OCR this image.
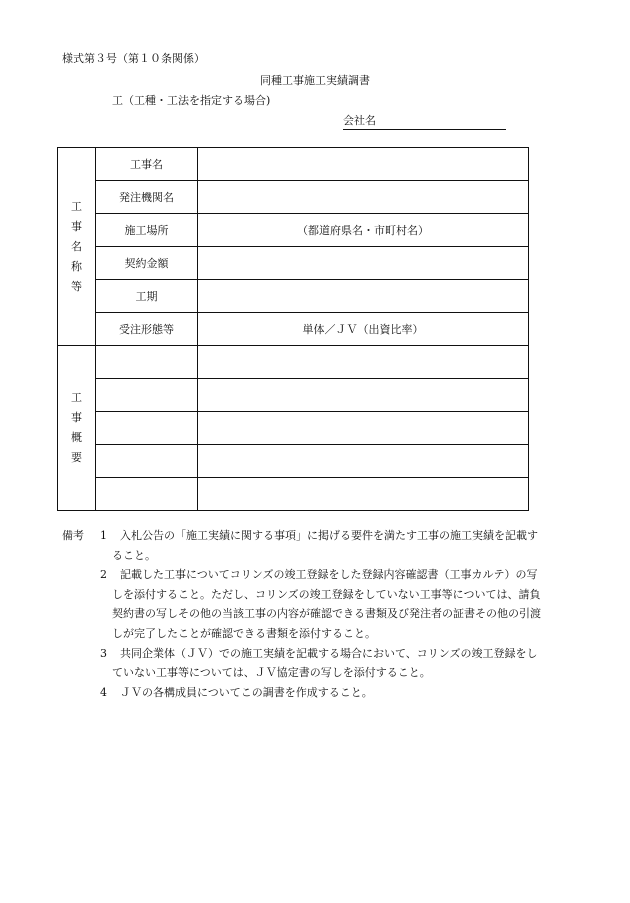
様式第３号（第１０条関係）
同種工事施工実績調書
工（工種・工法を指定する場合)
会社名
工
事
名
称
等	工事名	
	発注機関名	
	施工場所	（都道府県名・市町村名）
	契約金額	
	工期	
	受注形態等	単体／ＪＶ（出資比率）

工
事
概
要		

備考 1 入札公告の「施工実績に関する事項」に掲げる要件を満たす工事の施工実績を記載す

ること。
2 記載した工事についてコリンズの竣工登録をした登録内容確認書（工事カルテ）の写

しを添付すること。ただし、コリンズの竣工登録をしていない工事等については、請負
契約書の写しその他の当該工事の内容が確認できる書類及び発注者の証書その他の引渡
しが完了したことが確認できる書類を添付すること。
3 共同企業体（ＪＶ）での施工実績を記載する場合において、コリンズの竣工登録をし

ていない工事等については、ＪＶ協定書の写しを添付すること。
4 ＪＶの各構成員についてこの調書を作成すること。
